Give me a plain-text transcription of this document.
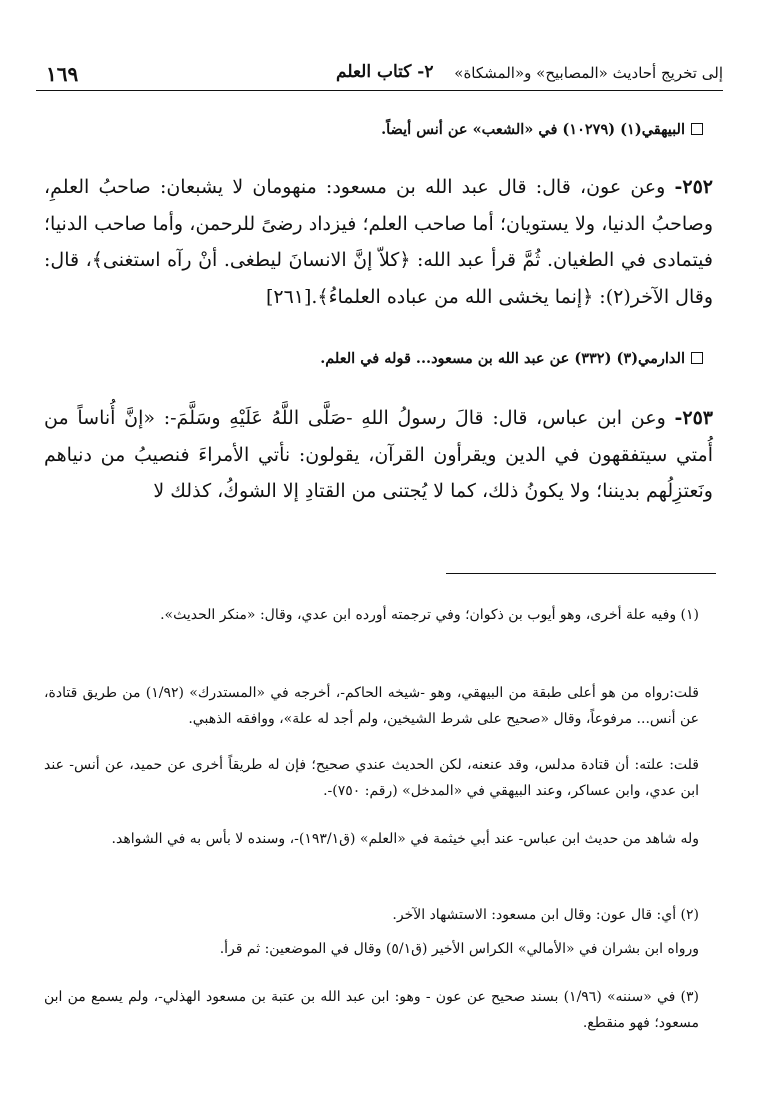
١٦٩	٢- كتاب العلم إلى تخريج أحاديث «المصابيح» و«المشكاة»
البيهقي(١) (١٠٢٧٩) في «الشعب» عن أنس أيضاً.
٢٥٢- وعن عون، قال: قال عبد الله بن مسعود: منهومان لا يشبعان: صاحبُ العلمِ، وصاحبُ الدنيا، ولا يستويان؛ أما صاحب العلم؛ فيزداد رضىً للرحمن، وأما صاحب الدنيا؛ فيتمادى في الطغيان. ثُمَّ قرأ عبد الله: ﴿كلاّ إنَّ الانسانَ ليطغى. أنْ رآه استغنى﴾، قال: وقال الآخر(٢): ﴿إنما يخشى الله من عباده العلماءُ﴾.[٢٦١]
الدارمي(٣) (٣٣٢) عن عبد الله بن مسعود... قوله في العلم.
٢٥٣- وعن ابن عباس، قال: قالَ رسولُ اللهِ -صَلَّى اللَّهُ عَلَيْهِ وسَلَّمَ-: «إنَّ أُناساً من أُمتي سيتفقهون في الدين ويقرأون القرآن، يقولون: نأتي الأمراءَ فنصيبُ من دنياهم ونَعتزِلُهم بديننا؛ ولا يكونُ ذلك، كما لا يُجتنى من القتادِ إلا الشوكُ، كذلك لا
(١) وفيه علة أخرى، وهو أيوب بن ذكوان؛ وفي ترجمته أورده ابن عدي، وقال: «منكر الحديث».
قلت:رواه من هو أعلى طبقة من البيهقي، وهو -شيخه الحاكم-، أخرجه في «المستدرك» (١/٩٢) من طريق قتادة، عن أنس... مرفوعاً، وقال «صحيح على شرط الشيخين، ولم أجد له علة»، ووافقه الذهبي.
قلت: علته: أن قتادة مدلس، وقد عنعنه، لكن الحديث عندي صحيح؛ فإن له طريقاً أخرى عن حميد، عن أنس- عند ابن عدي، وابن عساكر، وعند البيهقي في «المدخل» (رقم: ٧٥٠)-.
وله شاهد من حديث ابن عباس- عند أبي خيثمة في «العلم» (ق١٩٣/١)-، وسنده لا بأس به في الشواهد.
(٢) أي: قال عون: وقال ابن مسعود: الاستشهاد الآخر.
ورواه ابن بشران في «الأمالي» الكراس الأخير (ق٥/١) وقال في الموضعين: ثم قرأ.
(٣) في «سننه» (١/٩٦) بسند صحيح عن عون - وهو: ابن عبد الله بن عتبة بن مسعود الهذلي-، ولم يسمع من ابن مسعود؛ فهو منقطع.
